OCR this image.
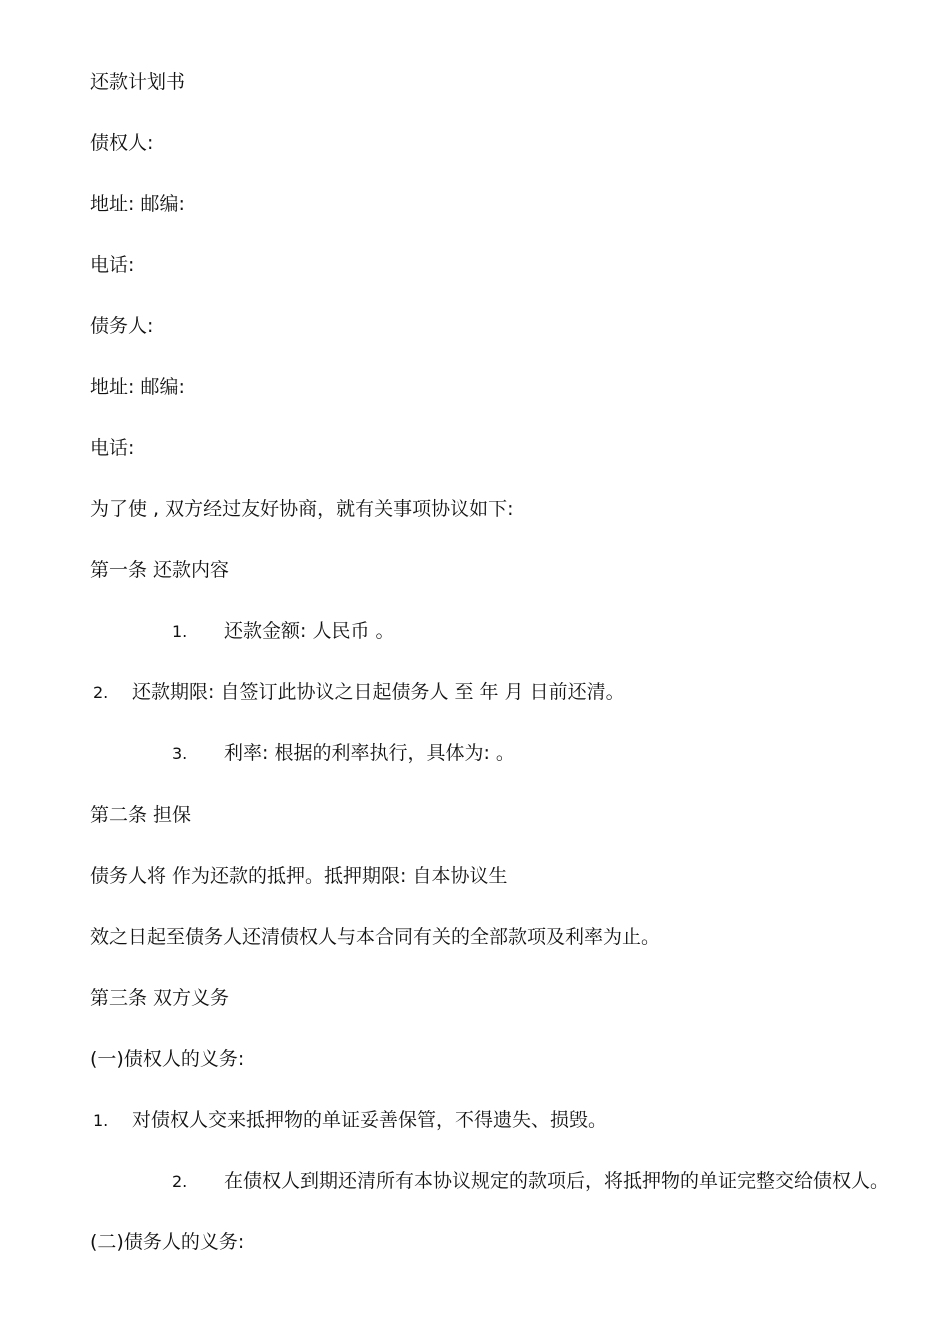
还款计划书
债权人:
地址: 邮编:
电话:
债务人:
地址: 邮编:
电话:
为了使 , 双方经过友好协商，就有关事项协议如下:
第一条 还款内容
1. 还款金额: 人民币 。
2. 还款期限: 自签订此协议之日起债务人 至 年 月 日前还清。
3. 利率: 根据的利率执行，具体为: 。
第二条 担保
债务人将 作为还款的抵押。抵押期限: 自本协议生
效之日起至债务人还清债权人与本合同有关的全部款项及利率为止。
第三条 双方义务
(一)债权人的义务:
1. 对债权人交来抵押物的单证妥善保管，不得遗失、损毁。
2. 在债权人到期还清所有本协议规定的款项后，将抵押物的单证完整交给债权人。
(二)债务人的义务:
